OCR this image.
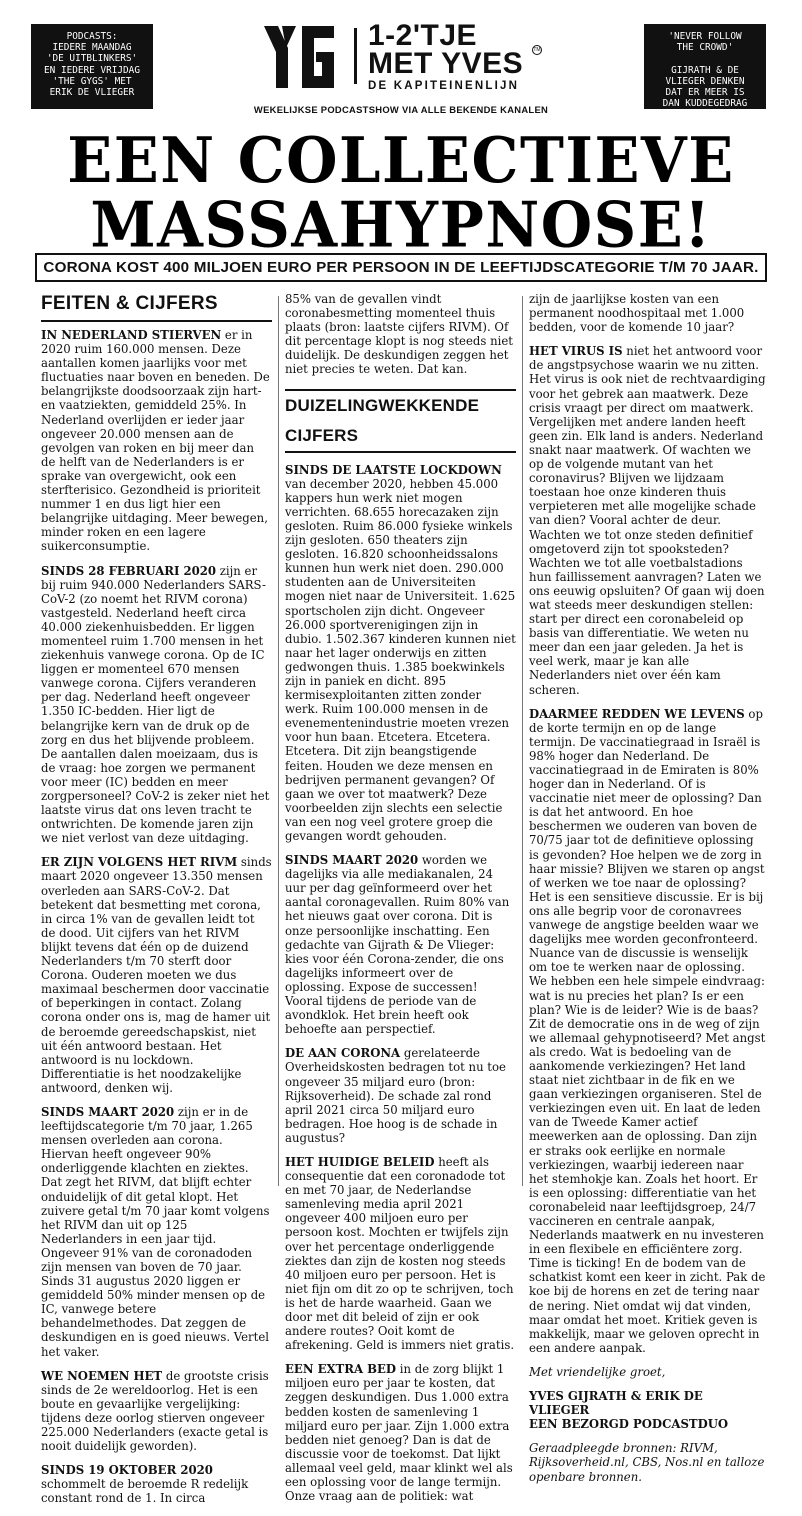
PODCASTS:
IEDERE MAANDAG
'DE UITBLINKERS'
EN IEDERE VRIJDAG
'THE GYGS' MET
ERIK DE VLIEGER
1-2'TJE
MET YVES TM
DE KAPITEINENLIJN
'NEVER FOLLOW
THE CROWD'

GIJRATH & DE
VLIEGER DENKEN
DAT ER MEER IS
DAN KUDDEGEDRAG
WEKELIJKSE PODCASTSHOW VIA ALLE BEKENDE KANALEN
EEN COLLECTIEVE
MASSAHYPNOSE!
CORONA KOST 400 MILJOEN EURO PER PERSOON IN DE LEEFTIJDSCATEGORIE T/M 70 JAAR.
FEITEN & CIJFERS

IN NEDERLAND STIERVEN er in 2020 ruim 160.000 mensen. Deze aantallen komen jaarlijks voor met fluctuaties naar boven en beneden. De belangrijkste doodsoorzaak zijn hart- en vaatziekten, gemiddeld 25%. In Nederland overlijden er ieder jaar ongeveer 20.000 mensen aan de gevolgen van roken en bij meer dan de helft van de Nederlanders is er sprake van overgewicht, ook een sterfterisico. Gezondheid is prioriteit nummer 1 en dus ligt hier een belangrijke uitdaging. Meer bewegen, minder roken en een lagere suikerconsumptie.

SINDS 28 FEBRUARI 2020 zijn er bij ruim 940.000 Nederlanders SARS-CoV-2 (zo noemt het RIVM corona) vastgesteld. Nederland heeft circa 40.000 ziekenhuisbedden. Er liggen momenteel ruim 1.700 mensen in het ziekenhuis vanwege corona. Op de IC liggen er momenteel 670 mensen vanwege corona. Cijfers veranderen per dag. Nederland heeft ongeveer 1.350 IC-bedden. Hier ligt de belangrijke kern van de druk op de zorg en dus het blijvende probleem. De aantallen dalen moeizaam, dus is de vraag: hoe zorgen we permanent voor meer (IC) bedden en meer zorgpersoneel? CoV-2 is zeker niet het laatste virus dat ons leven tracht te ontwrichten. De komende jaren zijn we niet verlost van deze uitdaging.

ER ZIJN VOLGENS HET RIVM sinds maart 2020 ongeveer 13.350 mensen overleden aan SARS-CoV-2. Dat betekent dat besmetting met corona, in circa 1% van de gevallen leidt tot de dood. Uit cijfers van het RIVM blijkt tevens dat één op de duizend Nederlanders t/m 70 sterft door Corona. Ouderen moeten we dus maximaal beschermen door vaccinatie of beperkingen in contact. Zolang corona onder ons is, mag de hamer uit de beroemde gereedschapskist, niet uit één antwoord bestaan. Het antwoord is nu lockdown. Differentiatie is het noodzakelijke antwoord, denken wij.

SINDS MAART 2020 zijn er in de leeftijdscategorie t/m 70 jaar, 1.265 mensen overleden aan corona. Hiervan heeft ongeveer 90% onderliggende klachten en ziektes. Dat zegt het RIVM, dat blijft echter onduidelijk of dit getal klopt. Het zuivere getal t/m 70 jaar komt volgens het RIVM dan uit op 125 Nederlanders in een jaar tijd. Ongeveer 91% van de coronadoden zijn mensen van boven de 70 jaar. Sinds 31 augustus 2020 liggen er gemiddeld 50% minder mensen op de IC, vanwege betere behandelmethodes. Dat zeggen de deskundigen en is goed nieuws. Vertel het vaker.

WE NOEMEN HET de grootste crisis sinds de 2e wereldoorlog. Het is een boute en gevaarlijke vergelijking: tijdens deze oorlog stierven ongeveer 225.000 Nederlanders (exacte getal is nooit duidelijk geworden).

SINDS 19 OKTOBER 2020 schommelt de beroemde R redelijk constant rond de 1. In circa

85% van de gevallen vindt coronabesmetting momenteel thuis plaats (bron: laatste cijfers RIVM). Of dit percentage klopt is nog steeds niet duidelijk. De deskundigen zeggen het niet precies te weten. Dat kan.

DUIZELINGWEKKENDE CIJFERS

SINDS DE LAATSTE LOCKDOWN van december 2020, hebben 45.000 kappers hun werk niet mogen verrichten. 68.655 horecazaken zijn gesloten. Ruim 86.000 fysieke winkels zijn gesloten. 650 theaters zijn gesloten. 16.820 schoonheidssalons kunnen hun werk niet doen. 290.000 studenten aan de Universiteiten mogen niet naar de Universiteit. 1.625 sportscholen zijn dicht. Ongeveer 26.000 sportverenigingen zijn in dubio. 1.502.367 kinderen kunnen niet naar het lager onderwijs en zitten gedwongen thuis. 1.385 boekwinkels zijn in paniek en dicht. 895 kermisexploitanten zitten zonder werk. Ruim 100.000 mensen in de evenementenindustrie moeten vrezen voor hun baan. Etcetera. Etcetera. Etcetera. Dit zijn beangstigende feiten. Houden we deze mensen en bedrijven permanent gevangen? Of gaan we over tot maatwerk? Deze voorbeelden zijn slechts een selectie van een nog veel grotere groep die gevangen wordt gehouden.

SINDS MAART 2020 worden we dagelijks via alle mediakanalen, 24 uur per dag geïnformeerd over het aantal coronagevallen. Ruim 80% van het nieuws gaat over corona. Dit is onze persoonlijke inschatting. Een gedachte van Gijrath & De Vlieger: kies voor één Corona-zender, die ons dagelijks informeert over de oplossing. Expose de successen! Vooral tijdens de periode van de avondklok. Het brein heeft ook behoefte aan perspectief.

DE AAN CORONA gerelateerde Overheidskosten bedragen tot nu toe ongeveer 35 miljard euro (bron: Rijksoverheid). De schade zal rond april 2021 circa 50 miljard euro bedragen. Hoe hoog is de schade in augustus?

HET HUIDIGE BELEID heeft als consequentie dat een coronadode tot en met 70 jaar, de Nederlandse samenleving media april 2021 ongeveer 400 miljoen euro per persoon kost. Mochten er twijfels zijn over het percentage onderliggende ziektes dan zijn de kosten nog steeds 40 miljoen euro per persoon. Het is niet fijn om dit zo op te schrijven, toch is het de harde waarheid. Gaan we door met dit beleid of zijn er ook andere routes? Ooit komt de afrekening. Geld is immers niet gratis.

EEN EXTRA BED in de zorg blijkt 1 miljoen euro per jaar te kosten, dat zeggen deskundigen. Dus 1.000 extra bedden kosten de samenleving 1 miljard euro per jaar. Zijn 1.000 extra bedden niet genoeg? Dan is dat de discussie voor de toekomst. Dat lijkt allemaal veel geld, maar klinkt wel als een oplossing voor de lange termijn. Onze vraag aan de politiek: wat

zijn de jaarlijkse kosten van een permanent noodhospitaal met 1.000 bedden, voor de komende 10 jaar?

HET VIRUS IS niet het antwoord voor de angstpsychose waarin we nu zitten. Het virus is ook niet de rechtvaardiging voor het gebrek aan maatwerk. Deze crisis vraagt per direct om maatwerk. Vergelijken met andere landen heeft geen zin. Elk land is anders. Nederland snakt naar maatwerk. Of wachten we op de volgende mutant van het coronavirus? Blijven we lijdzaam toestaan hoe onze kinderen thuis verpieteren met alle mogelijke schade van dien? Vooral achter de deur. Wachten we tot onze steden definitief omgetoverd zijn tot spooksteden? Wachten we tot alle voetbalstadions hun faillissement aanvragen? Laten we ons eeuwig opsluiten? Of gaan wij doen wat steeds meer deskundigen stellen: start per direct een coronabeleid op basis van differentiatie. We weten nu meer dan een jaar geleden. Ja het is veel werk, maar je kan alle Nederlanders niet over één kam scheren.

DAARMEE REDDEN WE LEVENS op de korte termijn en op de lange termijn. De vaccinatiegraad in Israël is 98% hoger dan Nederland. De vaccinatiegraad in de Emiraten is 80% hoger dan in Nederland. Of is vaccinatie niet meer de oplossing? Dan is dat het antwoord. En hoe beschermen we ouderen van boven de 70/75 jaar tot de definitieve oplossing is gevonden? Hoe helpen we de zorg in haar missie? Blijven we staren op angst of werken we toe naar de oplossing? Het is een sensitieve discussie. Er is bij ons alle begrip voor de coronavrees vanwege de angstige beelden waar we dagelijks mee worden geconfronteerd. Nuance van de discussie is wenselijk om toe te werken naar de oplossing. We hebben een hele simpele eindvraag: wat is nu precies het plan? Is er een plan? Wie is de leider? Wie is de baas? Zit de democratie ons in de weg of zijn we allemaal gehypnotiseerd? Met angst als credo. Wat is bedoeling van de aankomende verkiezingen? Het land staat niet zichtbaar in de fik en we gaan verkiezingen organiseren. Stel de verkiezingen even uit. En laat de leden van de Tweede Kamer actief meewerken aan de oplossing. Dan zijn er straks ook eerlijke en normale verkiezingen, waarbij iedereen naar het stemhokje kan. Zoals het hoort. Er is een oplossing: differentiatie van het coronabeleid naar leeftijdsgroep, 24/7 vaccineren en centrale aanpak, Nederlands maatwerk en nu investeren in een flexibele en efficiëntere zorg. Time is ticking! En de bodem van de schatkist komt een keer in zicht. Pak de koe bij de horens en zet de tering naar de nering. Niet omdat wij dat vinden, maar omdat het moet. Kritiek geven is makkelijk, maar we geloven oprecht in een andere aanpak.

Met vriendelijke groet,

YVES GIJRATH & ERIK DE VLIEGER
EEN BEZORGD PODCASTDUO

Geraadpleegde bronnen: RIVM, Rijksoverheid.nl, CBS, Nos.nl en talloze openbare bronnen.
